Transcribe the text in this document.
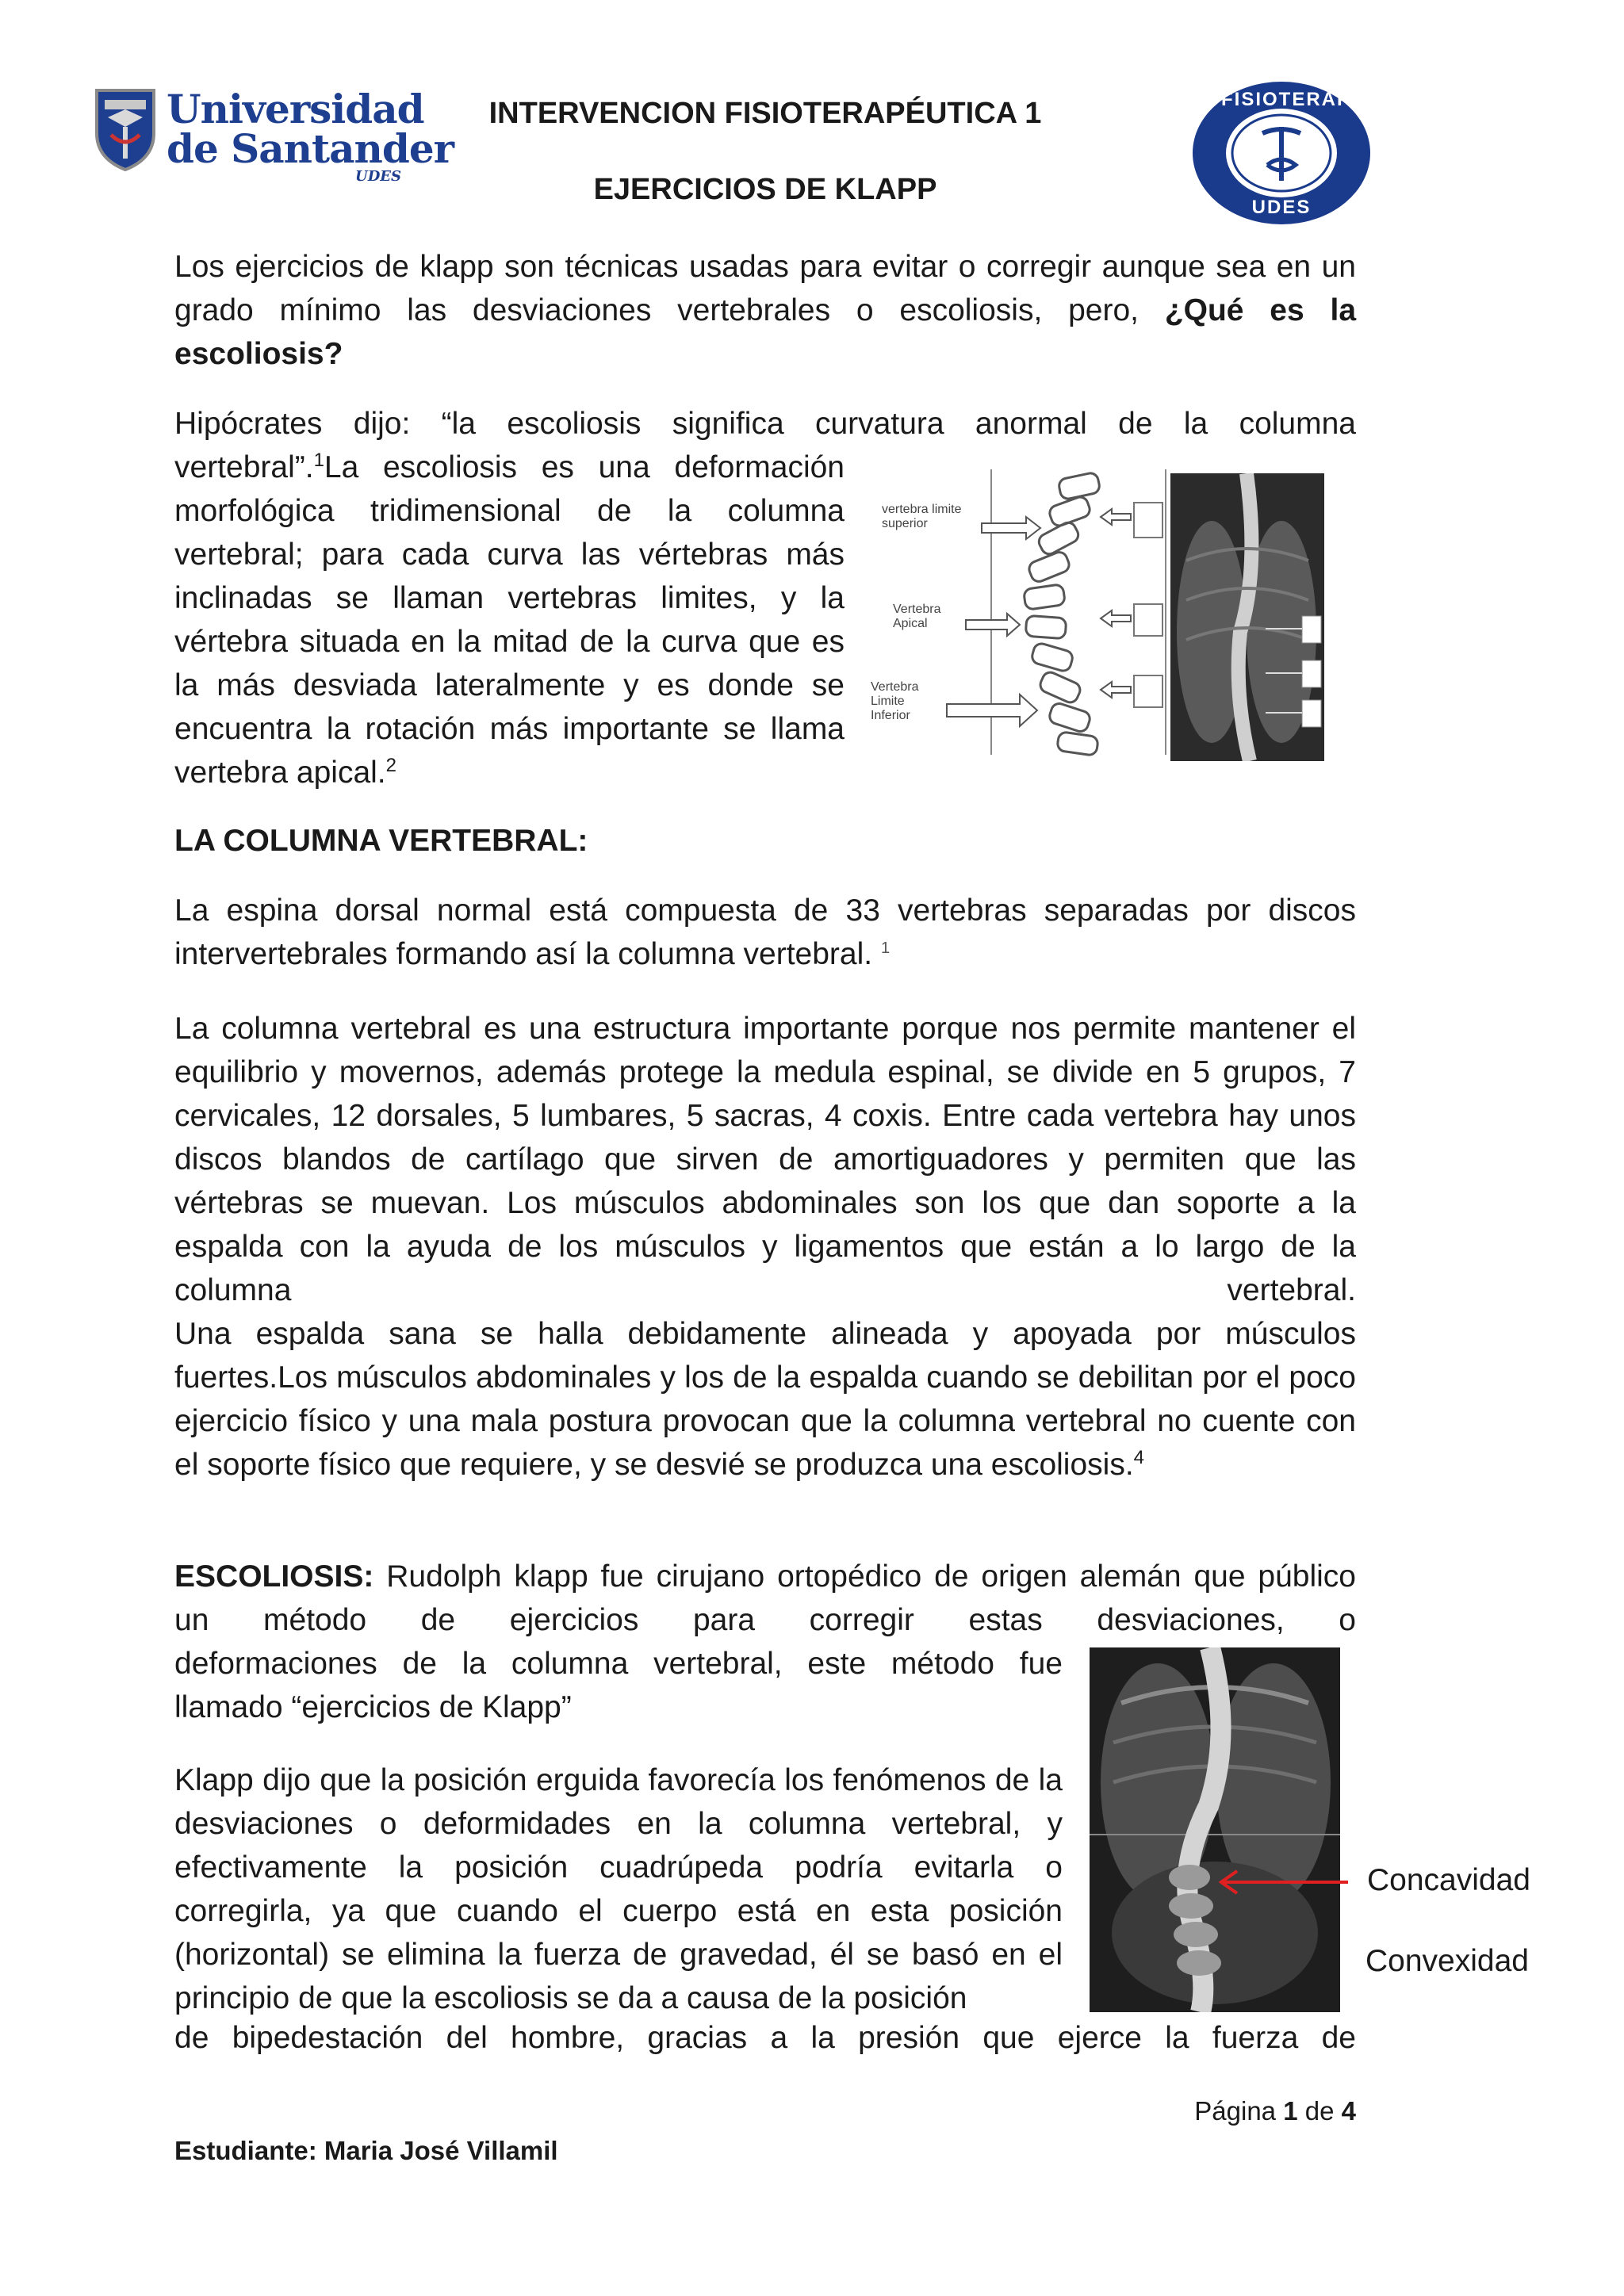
Universidad
de Santander
UDES
INTERVENCION FISIOTERAPÉUTICA 1
EJERCICIOS DE KLAPP
FISIOTERAPIA
UDES

Los ejercicios de klapp son técnicas usadas para evitar o corregir aunque sea en un grado mínimo las desviaciones vertebrales o escoliosis, pero, ¿Qué es la escoliosis?

Hipócrates dijo: “la escoliosis significa curvatura anormal de la columna

vertebral”.$^1$La escoliosis es una deformación morfológica tridimensional de la columna vertebral; para cada curva las vértebras más inclinadas se llaman vertebras limites, y la vértebra situada en la mitad de la curva que es la más desviada lateralmente y es donde se encuentra la rotación más importante se llama vertebra apical.$^2$

vertebra limite superior
Vertebra Apical
Vertebra Limite Inferior
LA COLUMNA VERTEBRAL:

La espina dorsal normal está compuesta de 33 vertebras separadas por discos intervertebrales formando así la columna vertebral. $^1$

La columna vertebral es una estructura importante porque nos permite mantener el equilibrio y movernos, además protege la medula espinal, se divide en 5 grupos, 7 cervicales, 12 dorsales, 5 lumbares, 5 sacras, 4 coxis. Entre cada vertebra hay unos discos blandos de cartílago que sirven de amortiguadores y permiten que las vértebras se muevan. Los músculos abdominales son los que dan soporte a la espalda con la ayuda de los músculos y ligamentos que están a lo largo de la columna vertebral.

Una espalda sana se halla debidamente alineada y apoyada por músculos fuertes.Los músculos abdominales y los de la espalda cuando se debilitan por el poco ejercicio físico y una mala postura provocan que la columna vertebral no cuente con el soporte físico que requiere, y se desvié se produzca una escoliosis.$^4$

ESCOLIOSIS: Rudolph klapp fue cirujano ortopédico de origen alemán que público un método de ejercicios para corregir estas desviaciones, o

deformaciones de la columna vertebral, este método fue llamado “ejercicios de Klapp”

Klapp dijo que la posición erguida favorecía los fenómenos de la desviaciones o deformidades en la columna vertebral, y efectivamente la posición cuadrúpeda podría evitarla o corregirla, ya que cuando el cuerpo está en esta posición (horizontal) se elimina la fuerza de gravedad, él se basó en el principio de que la escoliosis se da a causa de la posición

de bipedestación del hombre, gracias a la presión que ejerce la fuerza de

Concavidad
Convexidad
Página 1 de 4
Estudiante: Maria José Villamil
